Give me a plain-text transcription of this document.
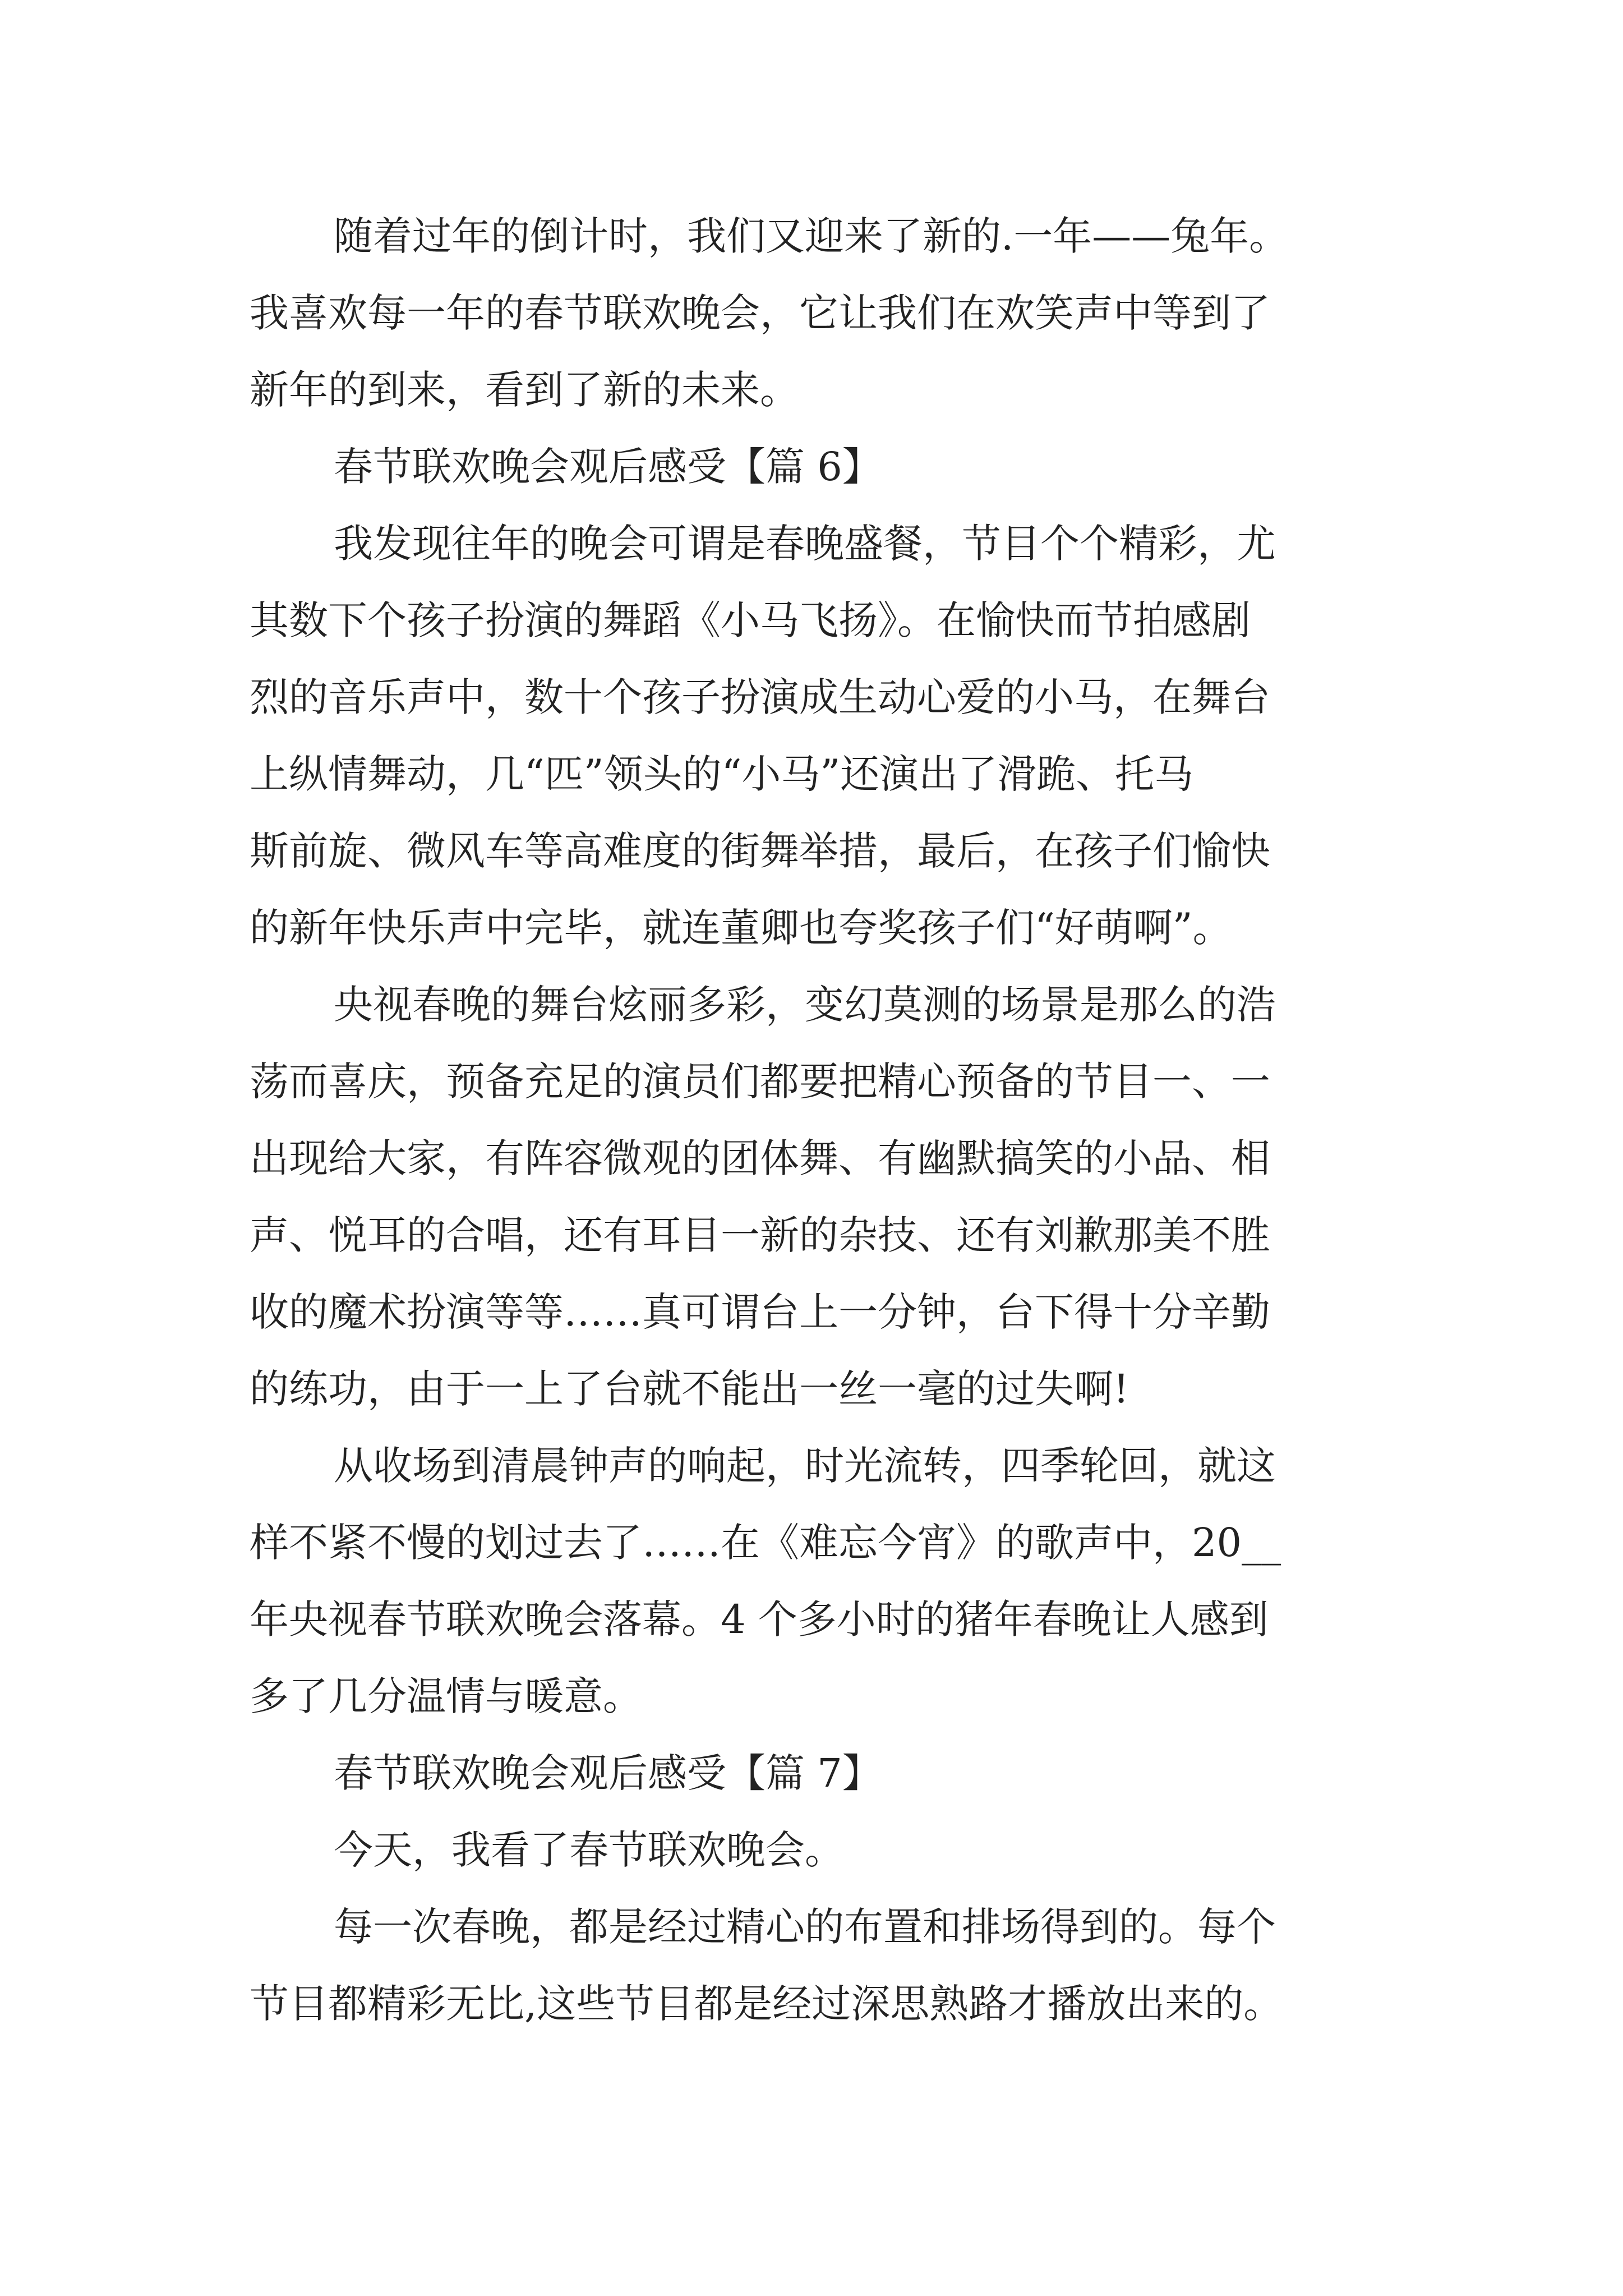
随着过年的倒计时，我们又迎来了新的.一年——兔年。
我喜欢每一年的春节联欢晚会，它让我们在欢笑声中等到了
新年的到来，看到了新的未来。
春节联欢晚会观后感受【篇 6】
我发现往年的晚会可谓是春晚盛餐，节目个个精彩，尤
其数下个孩子扮演的舞蹈《小马飞扬》。在愉快而节拍感剧
烈的音乐声中，数十个孩子扮演成生动心爱的小马，在舞台
上纵情舞动，几“匹”领头的“小马”还演出了滑跪、托马
斯前旋、微风车等高难度的街舞举措，最后，在孩子们愉快
的新年快乐声中完毕，就连董卿也夸奖孩子们“好萌啊”。
央视春晚的舞台炫丽多彩，变幻莫测的场景是那么的浩
荡而喜庆，预备充足的演员们都要把精心预备的节目一、一
出现给大家，有阵容微观的团体舞、有幽默搞笑的小品、相
声、悦耳的合唱，还有耳目一新的杂技、还有刘歉那美不胜
收的魔术扮演等等……真可谓台上一分钟，台下得十分辛勤
的练功，由于一上了台就不能出一丝一毫的过失啊!
从收场到清晨钟声的响起，时光流转，四季轮回，就这
样不紧不慢的划过去了……在《难忘今宵》的歌声中，20__
年央视春节联欢晚会落幕。4 个多小时的猪年春晚让人感到
多了几分温情与暖意。
春节联欢晚会观后感受【篇 7】
今天，我看了春节联欢晚会。
每一次春晚，都是经过精心的布置和排场得到的。每个
节目都精彩无比,这些节目都是经过深思熟路才播放出来的。
